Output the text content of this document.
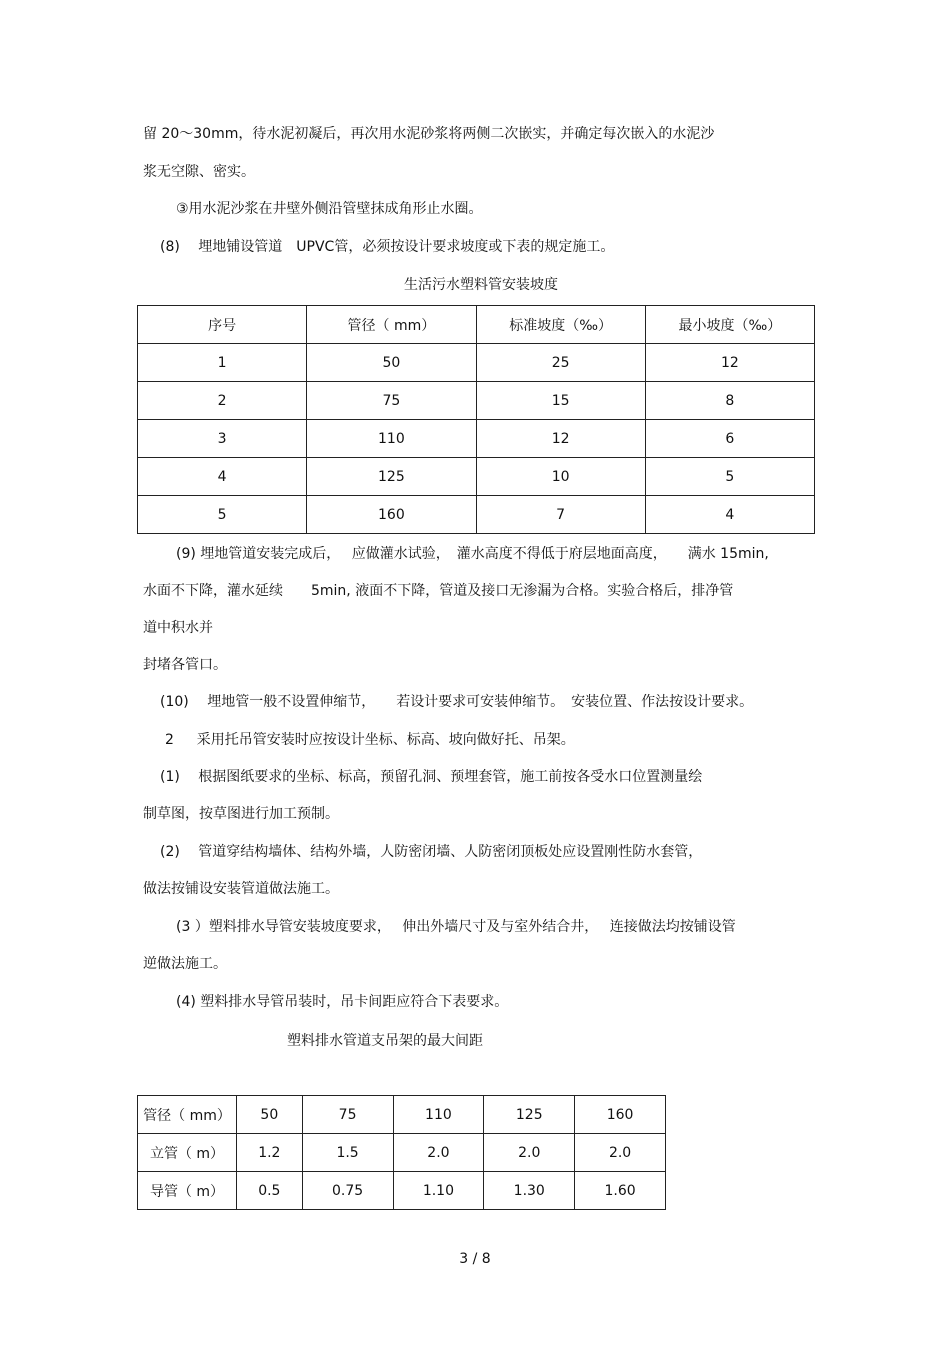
留 20～30mm，待水泥初凝后，再次用水泥砂浆将两侧二次嵌实，并确定每次嵌入的水泥沙
浆无空隙、密实。
③用水泥沙浆在井壁外侧沿管壁抹成角形止水圈。
(8)　 埋地铺设管道　UPVC管，必须按设计要求坡度或下表的规定施工。
生活污水塑料管安装坡度
序号	管径（ mm）	标准坡度（‰）	最小坡度（‰）
1	50	25	12
2	75	15	8
3	110	12	6
4	125	10	5
5	160	7	4
(9) 埋地管道安装完成后，　 应做灌水试验，　灌水高度不得低于府层地面高度，　　满水 15min,
水面不下降，灌水延续　　5min, 液面不下降，管道及接口无渗漏为合格。实验合格后，排净管
道中积水并
封堵各管口。
(10)　 埋地管一般不设置伸缩节，　　若设计要求可安装伸缩节。　安装位置、作法按设计要求。
2 　 采用托吊管安装时应按设计坐标、标高、坡向做好托、吊架。
(1)　 根据图纸要求的坐标、标高，预留孔洞、预埋套管，施工前按各受水口位置测量绘
制草图，按草图进行加工预制。
(2)　 管道穿结构墙体、结构外墙，人防密闭墙、人防密闭顶板处应设置刚性防水套管，
做法按铺设安装管道做法施工。
(3 ）塑料排水导管安装坡度要求，　 伸出外墙尺寸及与室外结合井，　 连接做法均按铺设管
逆做法施工。
(4) 塑料排水导管吊装时，吊卡间距应符合下表要求。
塑料排水管道支吊架的最大间距
管径（ mm）	50	75	110	125	160
立管（ m）	1.2	1.5	2.0	2.0	2.0
导管（ m）	0.5	0.75	1.10	1.30	1.60
3 / 8
